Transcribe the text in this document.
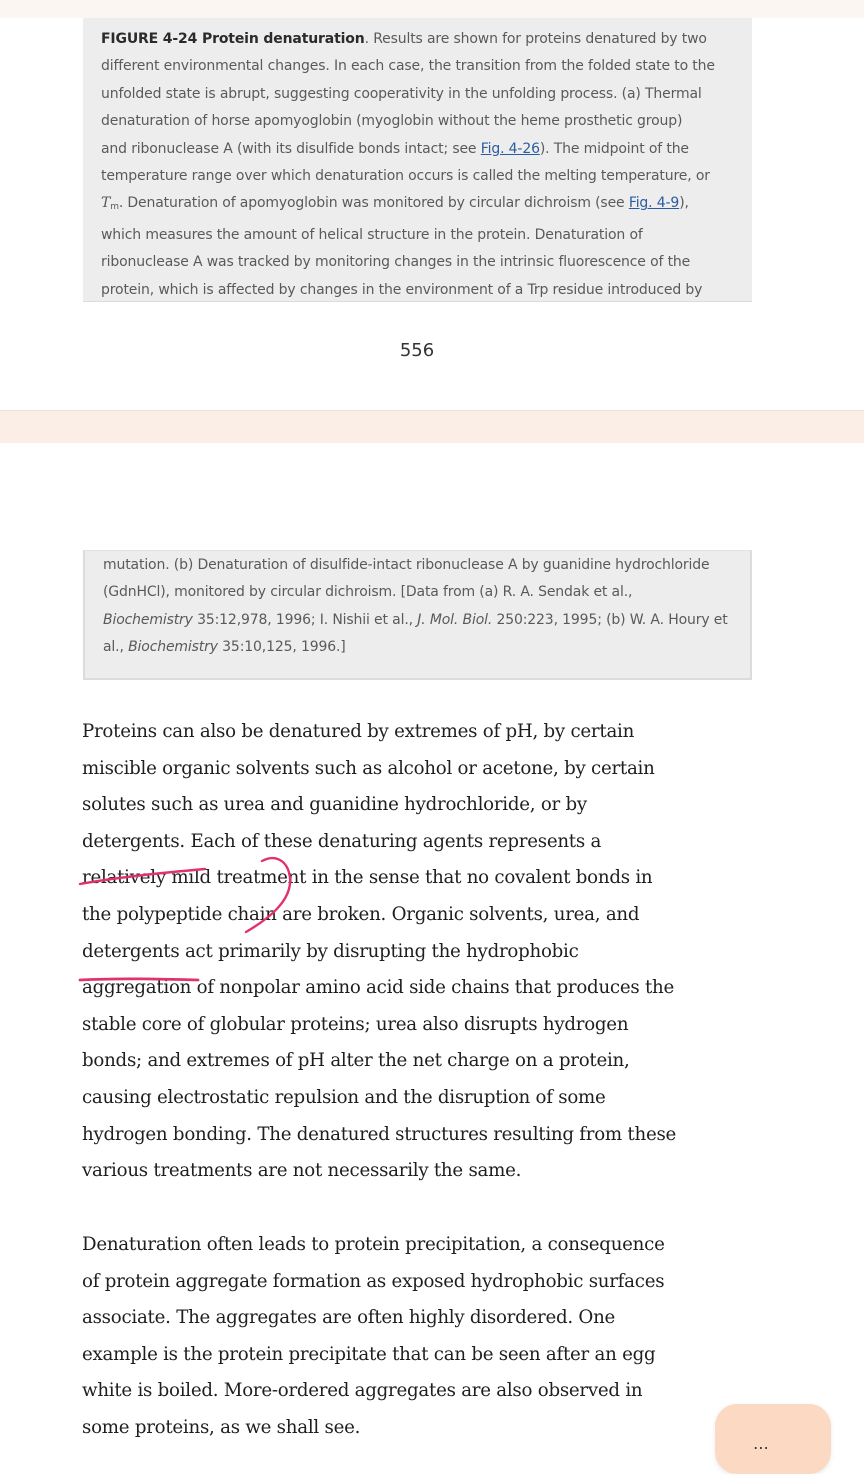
FIGURE 4-24 Protein denaturation. Results are shown for proteins denatured by two
different environmental changes. In each case, the transition from the folded state to the
unfolded state is abrupt, suggesting cooperativity in the unfolding process. (a) Thermal
denaturation of horse apomyoglobin (myoglobin without the heme prosthetic group)
and ribonuclease A (with its disulfide bonds intact; see Fig. 4-26). The midpoint of the
temperature range over which denaturation occurs is called the melting temperature, or
Tm. Denaturation of apomyoglobin was monitored by circular dichroism (see Fig. 4-9),
which measures the amount of helical structure in the protein. Denaturation of
ribonuclease A was tracked by monitoring changes in the intrinsic fluorescence of the
protein, which is affected by changes in the environment of a Trp residue introduced by
556
mutation. (b) Denaturation of disulfide-intact ribonuclease A by guanidine hydrochloride
(GdnHCl), monitored by circular dichroism. [Data from (a) R. A. Sendak et al.,
Biochemistry 35:12,978, 1996; I. Nishii et al., J. Mol. Biol. 250:223, 1995; (b) W. A. Houry et
al., Biochemistry 35:10,125, 1996.]
Proteins can also be denatured by extremes of pH, by certain
miscible organic solvents such as alcohol or acetone, by certain
solutes such as urea and guanidine hydrochloride, or by
detergents. Each of these denaturing agents represents a
relatively mild treatment in the sense that no covalent bonds in
the polypeptide chain are broken. Organic solvents, urea, and
detergents act primarily by disrupting the hydrophobic
aggregation of nonpolar amino acid side chains that produces the
stable core of globular proteins; urea also disrupts hydrogen
bonds; and extremes of pH alter the net charge on a protein,
causing electrostatic repulsion and the disruption of some
hydrogen bonding. The denatured structures resulting from these
various treatments are not necessarily the same.
Denaturation often leads to protein precipitation, a consequence
of protein aggregate formation as exposed hydrophobic surfaces
associate. The aggregates are often highly disordered. One
example is the protein precipitate that can be seen after an egg
white is boiled. More-ordered aggregates are also observed in
some proteins, as we shall see.
⋯
